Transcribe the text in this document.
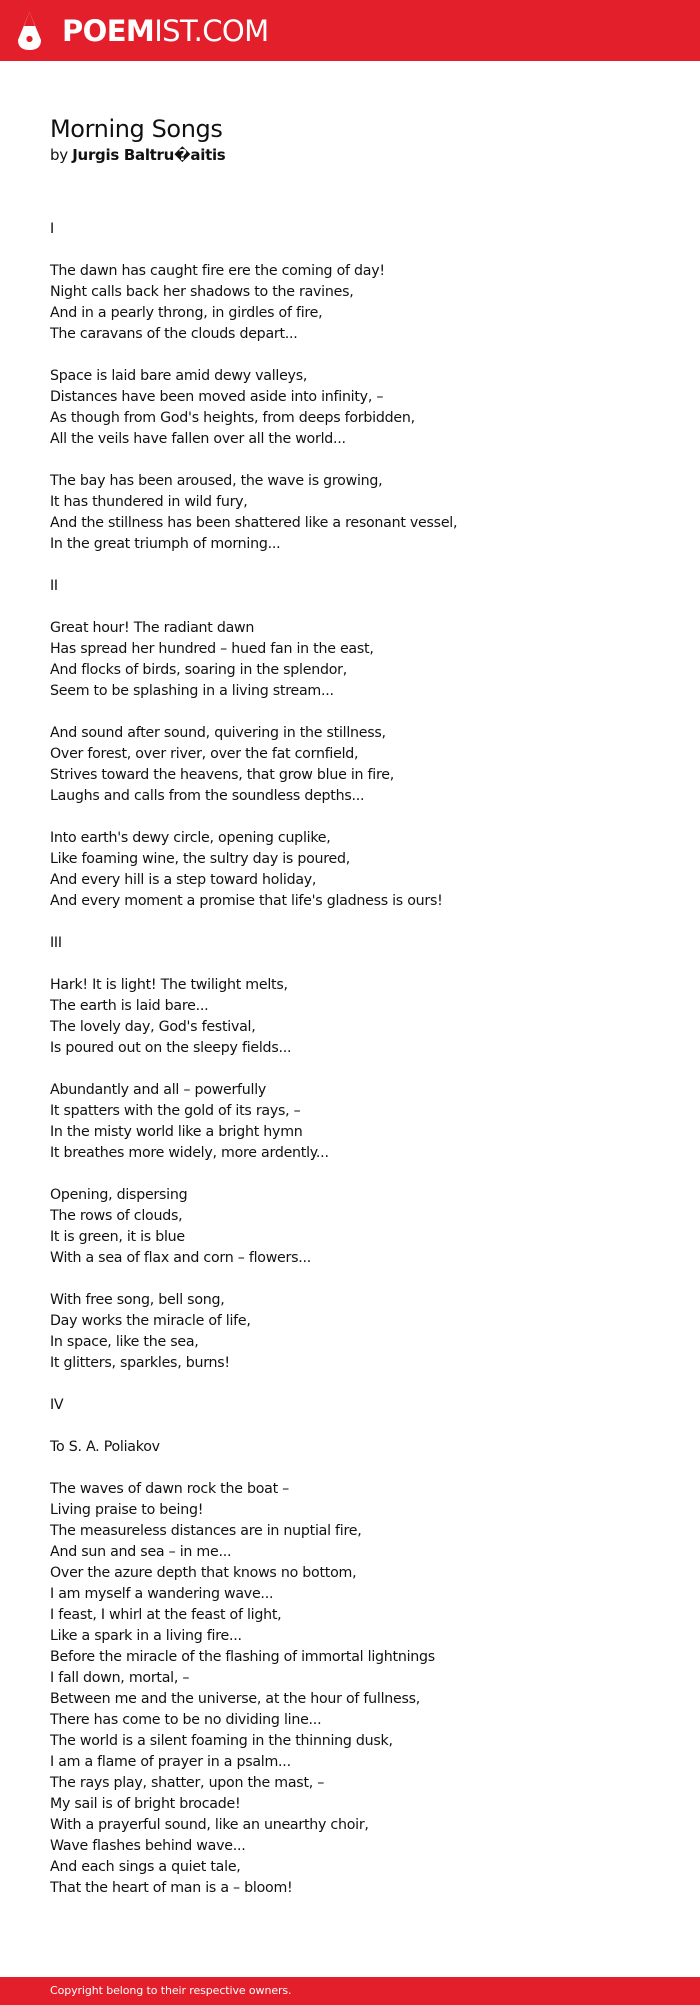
POEMIST.COM
Morning Songs
by Jurgis Baltru�aitis
I
The dawn has caught fire ere the coming of day!
Night calls back her shadows to the ravines,
And in a pearly throng, in girdles of fire,
The caravans of the clouds depart...
Space is laid bare amid dewy valleys,
Distances have been moved aside into infinity, –
As though from God's heights, from deeps forbidden,
All the veils have fallen over all the world...
The bay has been aroused, the wave is growing,
It has thundered in wild fury,
And the stillness has been shattered like a resonant vessel,
In the great triumph of morning...
II
Great hour! The radiant dawn
Has spread her hundred – hued fan in the east,
And flocks of birds, soaring in the splendor,
Seem to be splashing in a living stream...
And sound after sound, quivering in the stillness,
Over forest, over river, over the fat cornfield,
Strives toward the heavens, that grow blue in fire,
Laughs and calls from the soundless depths...
Into earth's dewy circle, opening cuplike,
Like foaming wine, the sultry day is poured,
And every hill is a step toward holiday,
And every moment a promise that life's gladness is ours!
III
Hark! It is light! The twilight melts,
The earth is laid bare...
The lovely day, God's festival,
Is poured out on the sleepy fields...
Abundantly and all – powerfully
It spatters with the gold of its rays, –
In the misty world like a bright hymn
It breathes more widely, more ardently...
Opening, dispersing
The rows of clouds,
It is green, it is blue
With a sea of flax and corn – flowers...
With free song, bell song,
Day works the miracle of life,
In space, like the sea,
It glitters, sparkles, burns!
IV
To S. A. Poliakov
The waves of dawn rock the boat –
Living praise to being!
The measureless distances are in nuptial fire,
And sun and sea – in me...
Over the azure depth that knows no bottom,
I am myself a wandering wave...
I feast, I whirl at the feast of light,
Like a spark in a living fire...
Before the miracle of the flashing of immortal lightnings
I fall down, mortal, –
Between me and the universe, at the hour of fullness,
There has come to be no dividing line...
The world is a silent foaming in the thinning dusk,
I am a flame of prayer in a psalm...
The rays play, shatter, upon the mast, –
My sail is of bright brocade!
With a prayerful sound, like an unearthy choir,
Wave flashes behind wave...
And each sings a quiet tale,
That the heart of man is a – bloom!
Copyright belong to their respective owners.
